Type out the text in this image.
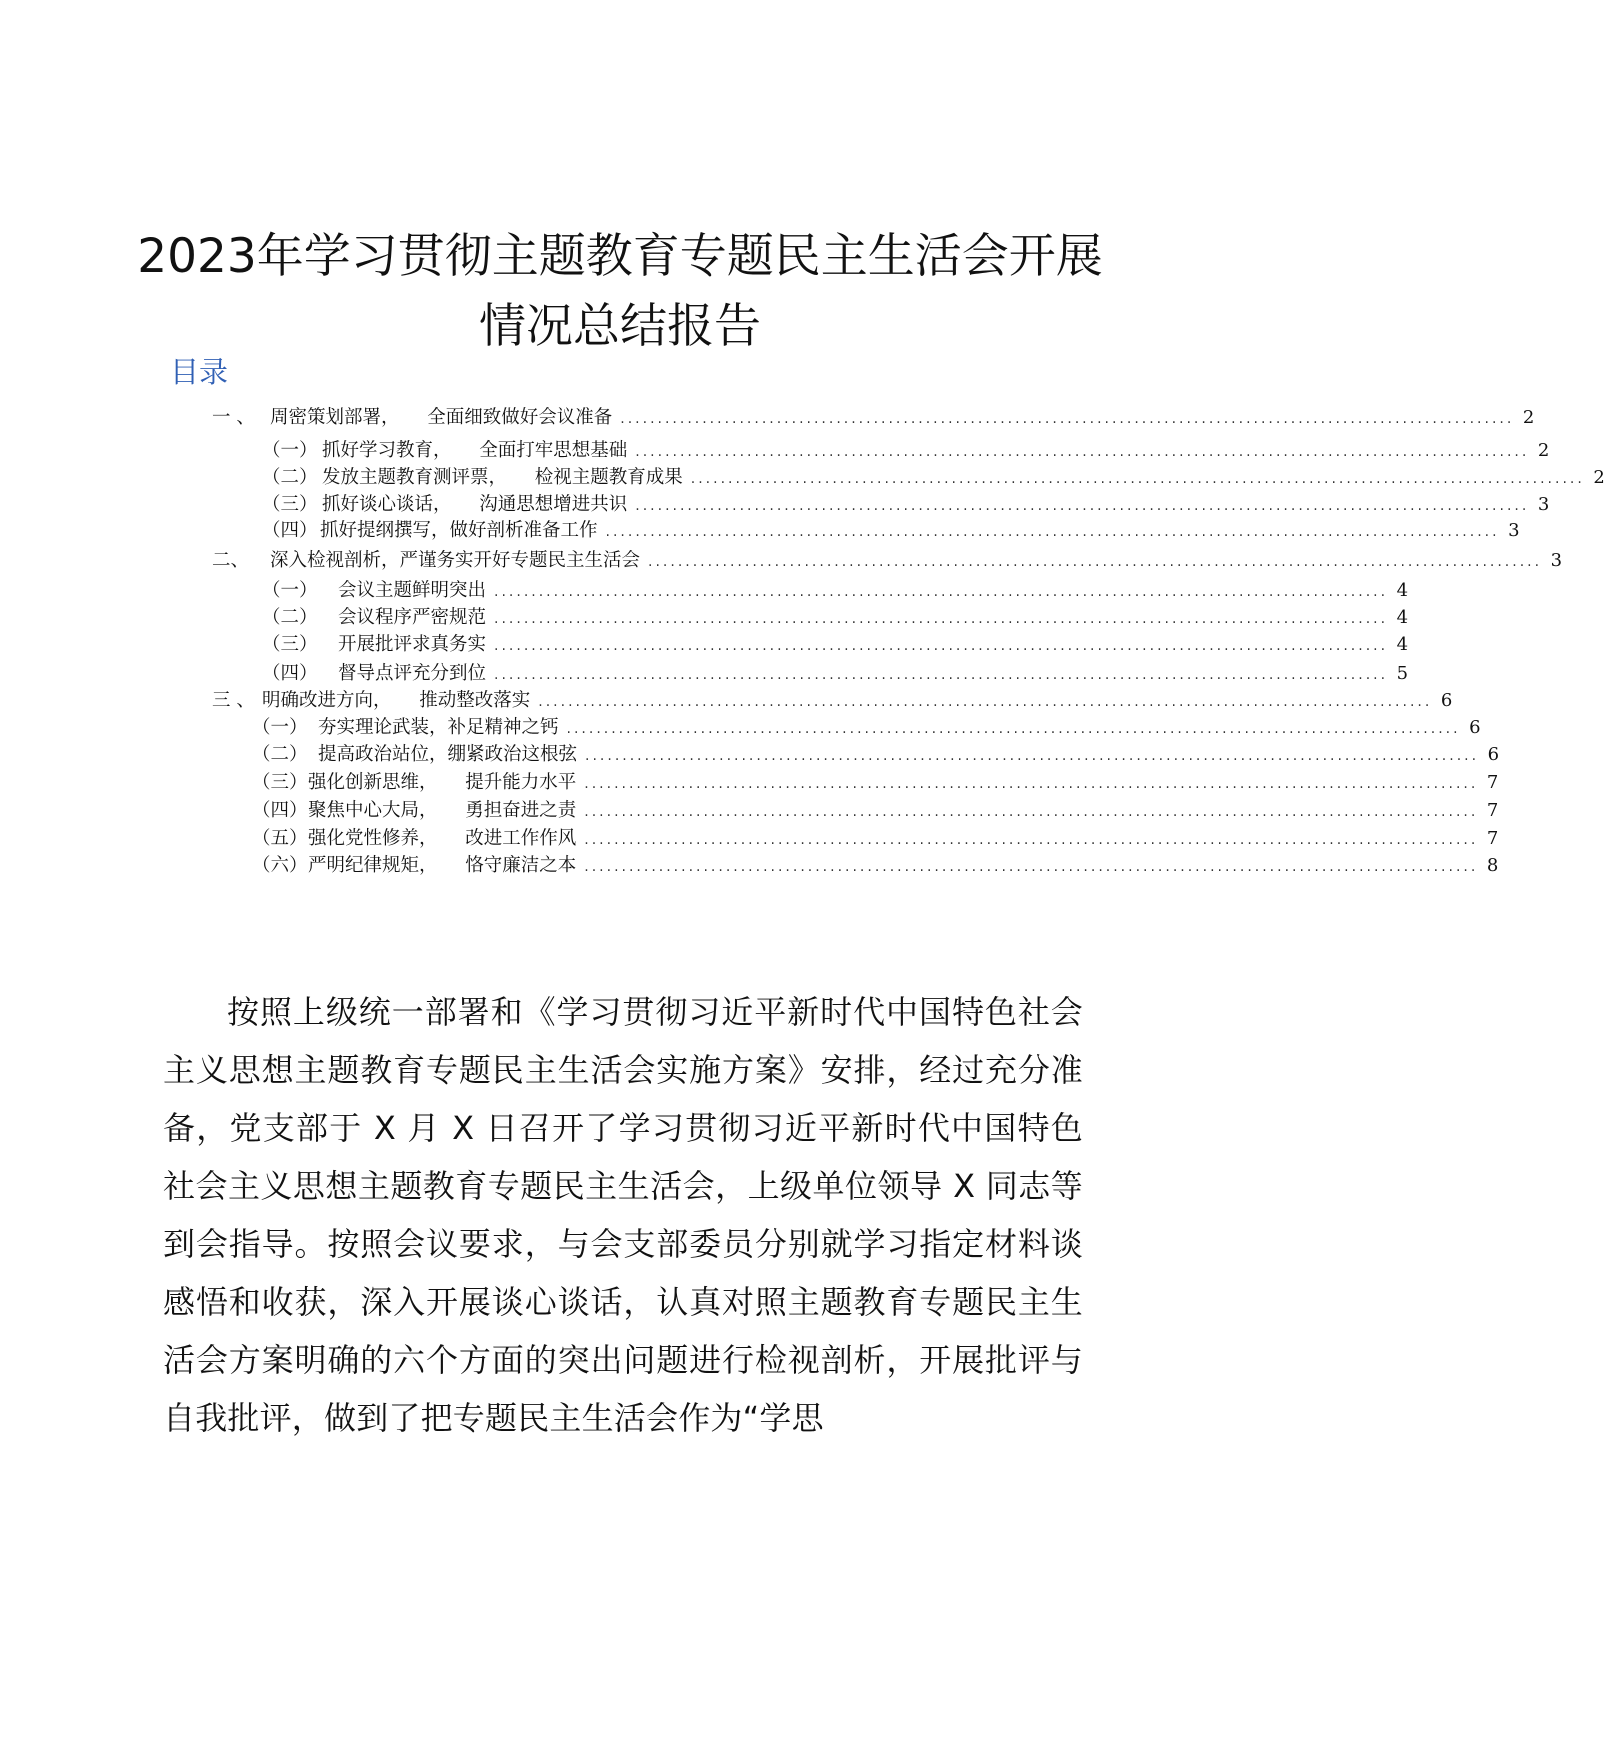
2023年学习贯彻主题教育专题民主生活会开展情况总结报告
目录
一 、 周密策划部署，　　全面细致做好会议准备 ........................................................................................................................ 2
（一） 抓好学习教育，　　全面打牢思想基础 ........................................................................................................................ 2
（二） 发放主题教育测评票，　　检视主题教育成果 ........................................................................................................................ 2
（三） 抓好谈心谈话，　　沟通思想增进共识 ........................................................................................................................ 3
（四） 抓好提纲撰写，做好剖析准备工作 ........................................................................................................................ 3
二、	深入检视剖析，严谨务实开好专题民主生活会 ........................................................................................................................ 3
（一）	会议主题鲜明突出 ........................................................................................................................ 4
（二）	会议程序严密规范 ........................................................................................................................ 4
（三）	开展批评求真务实 ........................................................................................................................ 4
（四）	督导点评充分到位 ........................................................................................................................ 5
三 、 明确改进方向，　　推动整改落实 ........................................................................................................................ 6
（一） 夯实理论武装，补足精神之钙 ........................................................................................................................ 6
（二） 提高政治站位，绷紧政治这根弦 ........................................................................................................................ 6
（三） 强化创新思维，　　提升能力水平 ........................................................................................................................ 7
（四） 聚焦中心大局，　　勇担奋进之责 ........................................................................................................................ 7
（五） 强化党性修养，　　改进工作作风 ........................................................................................................................ 7
（六） 严明纪律规矩，　　恪守廉洁之本 ........................................................................................................................ 8

按照上级统一部署和《学习贯彻习近平新时代中国特色社会主义思想主题教育专题民主生活会实施方案》安排，经过充分准备，党支部于 X 月 X 日召开了学习贯彻习近平新时代中国特色社会主义思想主题教育专题民主生活会，上级单位领导 X 同志等到会指导。按照会议要求，与会支部委员分别就学习指定材料谈感悟和收获，深入开展谈心谈话，认真对照主题教育专题民主生活会方案明确的六个方面的突出问题进行检视剖析，开展批评与自我批评，做到了把专题民主生活会作为“学思
